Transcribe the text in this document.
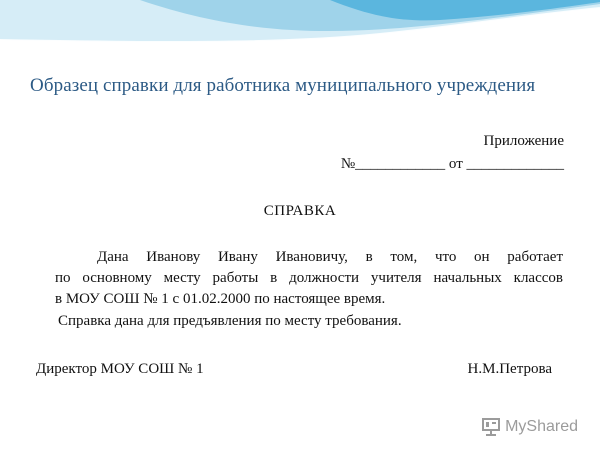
Образец справки для работника муниципального учреждения
Приложение
№____________ от _____________
СПРАВКА
Дана Иванову Ивану Ивановичу, в том, что он работает
по основному месту работы в должности учителя начальных классов
в МОУ СОШ № 1 с 01.02.2000 по настоящее время.
Справка дана для предъявления по месту требования.
Директор МОУ СОШ № 1	Н.М.Петрова
MyShared
